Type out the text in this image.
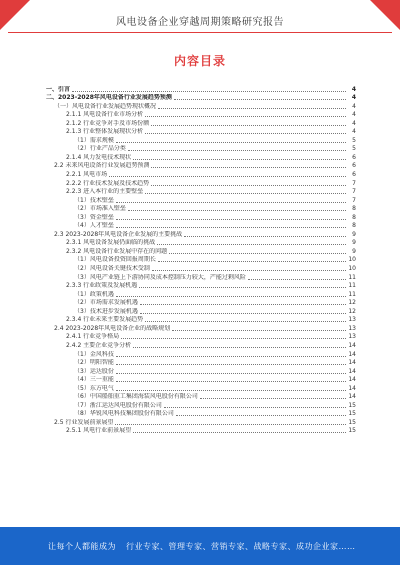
风电设备企业穿越周期策略研究报告
内容目录
一、引言	4
二、2023-2028年风电设备行业发展趋势预测	4
（一）风电设备行业发展趋势现状概况	4
2.1.1 风电设备行业市场分析	4
2.1.2 行业竞争对手及市场份额	4
2.1.3 行业整体发展现状分析	4
（1）需求规模	5
（2）行业产品分类	5
2.1.4 风力发电技术现状	6
2.2 未来风电设备行业发展趋势预测	6
2.2.1 风电市场	6
2.2.2 行业技术发展及技术趋势	7
2.2.3 进入本行业的主要壁垒	7
（1）技术壁垒	7
（2）市场准入壁垒	8
（3）资金壁垒	8
（4）人才壁垒	8
2.3 2023-2028年风电设备企业发展的主要挑战	9
2.3.1 风电设备发展仍面临的挑战	9
2.3.2 风电设备行业发展中存在的问题	9
（1）风电设备投资回报周期长	10
（2）风电设备关键技术受制	10
（3）风电产业链上下游协同及成本控制压力较大，产能过剩风险	11
2.3.3 行业政策及发展机遇	11
（1）政策机遇	11
（2）市场需求发展机遇	12
（3）技术进步发展机遇	12
2.3.4 行业未来主要发展趋势	13
2.4 2023-2028年风电设备企业的战略规划	13
2.4.1 行业竞争格局	13
2.4.2 主要企业竞争分析	14
（1）金风科技	14
（2）明阳智能	14
（3）运达股份	14
（4）三一重能	14
（5）东方电气	14
（6）中国船舶重工集团海装风电股份有限公司	14
（7）浙江运达风电股份有限公司	15
（8）华锐风电科技集团股份有限公司	15
2.5 行业发展前景展望	15
2.5.1 风电行业前景展望	15
让每个人都能成为 行业专家、管理专家、营销专家、战略专家、成功企业家……
